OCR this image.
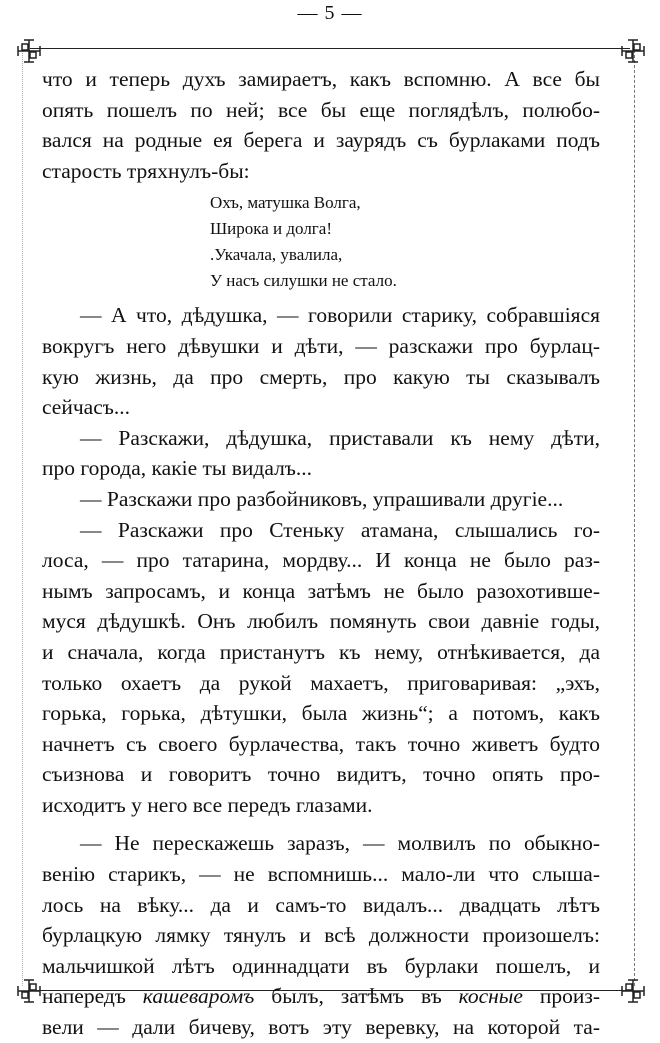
— 5 —
что и теперь духъ замираетъ, какъ вспомню. А все бы
опять пошелъ по ней; все бы еще поглядѣлъ, полюбо-
вался на родные ея берега и заурядъ съ бурлаками подъ
старость тряхнулъ-бы:
Охъ, матушка Волга,
Широка и долга!
.Укачала, увалила,
У насъ силушки не стало.
— А что, дѣдушка, — говорили старику, собравшіяся
вокругъ него дѣвушки и дѣти, — разскажи про бурлац-
кую жизнь, да про смерть, про какую ты сказывалъ
сейчасъ...
— Разскажи, дѣдушка, приставали къ нему дѣти,
про города, какіе ты видалъ...
— Разскажи про разбойниковъ, упрашивали другіе...
— Разскажи про Стеньку атамана, слышались го-
лоса, — про татарина, мордву... И конца не было раз-
нымъ запросамъ, и конца затѣмъ не было разохотивше-
муся дѣдушкѣ. Онъ любилъ помянуть свои давніе годы,
и сначала, когда пристанутъ къ нему, отнѣкивается, да
только охаетъ да рукой махаетъ, приговаривая: „эхъ,
горька, горька, дѣтушки, была жизнь“; а потомъ, какъ
начнетъ съ своего бурлачества, такъ точно живетъ будто
съизнова и говоритъ точно видитъ, точно опять про-
исходитъ у него все передъ глазами.
— Не перескажешь заразъ, — молвилъ по обыкно-
венію старикъ, — не вспомнишь... мало-ли что слыша-
лось на вѣку... да и самъ-то видалъ... двадцать лѣтъ
бурлацкую лямку тянулъ и всѣ должности произошелъ:
мальчишкой лѣтъ одиннадцати въ бурлаки пошелъ, и
напередъ кашеваромъ былъ, затѣмъ въ косные произ-
вели — дали бичеву, вотъ эту веревку, на которой та-
